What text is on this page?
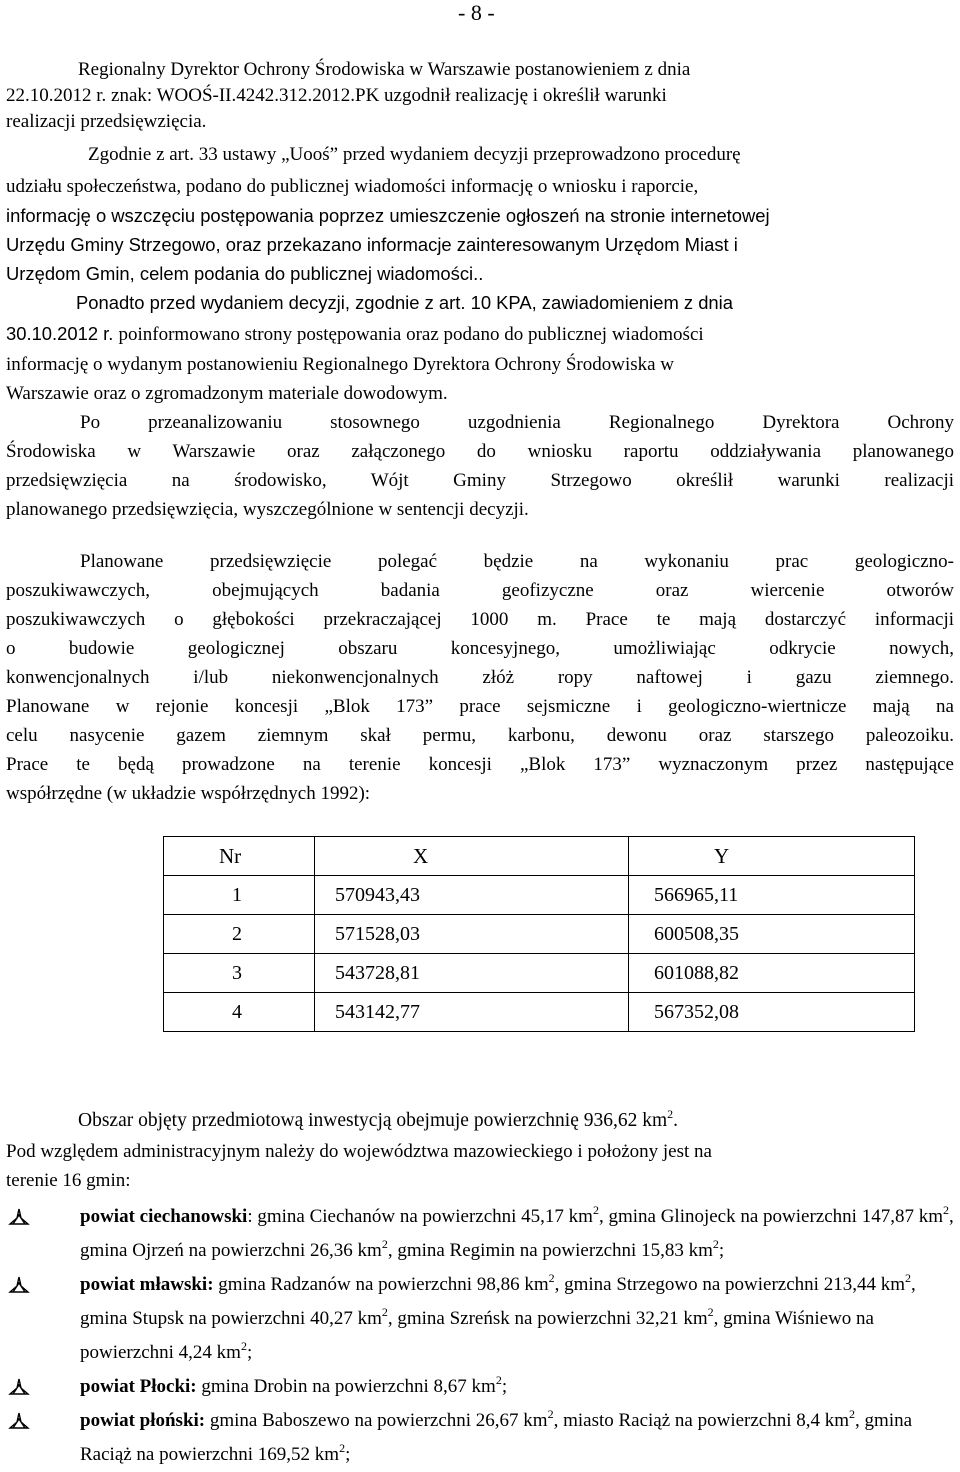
- 8 -
Regionalny Dyrektor Ochrony Środowiska w Warszawie postanowieniem z dnia
22.10.2012 r. znak: WOOŚ-II.4242.312.2012.PK uzgodnił realizację i określił warunki
realizacji przedsięwzięcia.
Zgodnie z art. 33 ustawy „Uooś” przed wydaniem decyzji przeprowadzono procedurę
udziału społeczeństwa, podano do publicznej wiadomości informację o wniosku i raporcie,
informację o wszczęciu postępowania poprzez umieszczenie ogłoszeń na stronie internetowej
Urzędu Gminy Strzegowo, oraz przekazano informacje zainteresowanym Urzędom Miast i
Urzędom Gmin, celem podania do publicznej wiadomości..
Ponadto przed wydaniem decyzji, zgodnie z art. 10 KPA, zawiadomieniem z dnia
30.10.2012 r. poinformowano strony postępowania oraz podano do publicznej wiadomości
informację o wydanym postanowieniu Regionalnego Dyrektora Ochrony Środowiska w
Warszawie oraz o zgromadzonym materiale dowodowym.
Po przeanalizowaniu stosownego uzgodnienia Regionalnego Dyrektora Ochrony
Środowiska w Warszawie oraz załączonego do wniosku raportu oddziaływania planowanego
przedsięwzięcia na środowisko, Wójt Gminy Strzegowo określił warunki realizacji
planowanego przedsięwzięcia, wyszczególnione w sentencji decyzji.
Planowane przedsięwzięcie polegać będzie na wykonaniu prac geologiczno-
poszukiwawczych, obejmujących badania geofizyczne oraz wiercenie otworów
poszukiwawczych o głębokości przekraczającej 1000 m. Prace te mają dostarczyć informacji
o budowie geologicznej obszaru koncesyjnego, umożliwiając odkrycie nowych,
konwencjonalnych i/lub niekonwencjonalnych złóż ropy naftowej i gazu ziemnego.
Planowane w rejonie koncesji „Blok 173” prace sejsmiczne i geologiczno-wiertnicze mają na
celu nasycenie gazem ziemnym skał permu, karbonu, dewonu oraz starszego paleozoiku.
Prace te będą prowadzone na terenie koncesji „Blok 173” wyznaczonym przez następujące
współrzędne (w układzie współrzędnych 1992):
Nr	X	Y
1	570943,43	566965,11
2	571528,03	600508,35
3	543728,81	601088,82
4	543142,77	567352,08
Obszar objęty przedmiotową inwestycją obejmuje powierzchnię 936,62 $km^2$.
Pod względem administracyjnym należy do województwa mazowieckiego i położony jest na
terenie 16 gmin:
powiat ciechanowski: gmina Ciechanów na powierzchni 45,17 $km^2$, gmina Glinojeck na powierzchni 147,87 $km^2$, gmina Ojrzeń na powierzchni 26,36 $km^2$, gmina Regimin na powierzchni 15,83 $km^2$;
powiat mławski: gmina Radzanów na powierzchni 98,86 $km^2$, gmina Strzegowo na powierzchni 213,44 $km^2$, gmina Stupsk na powierzchni 40,27 $km^2$, gmina Szreńsk na powierzchni 32,21 $km^2$, gmina Wiśniewo na powierzchni 4,24 $km^2$;
powiat Płocki: gmina Drobin na powierzchni 8,67 $km^2$;
powiat płoński: gmina Baboszewo na powierzchni 26,67 $km^2$, miasto Raciąż na powierzchni 8,4 $km^2$, gmina Raciąż na powierzchni 169,52 $km^2$;
